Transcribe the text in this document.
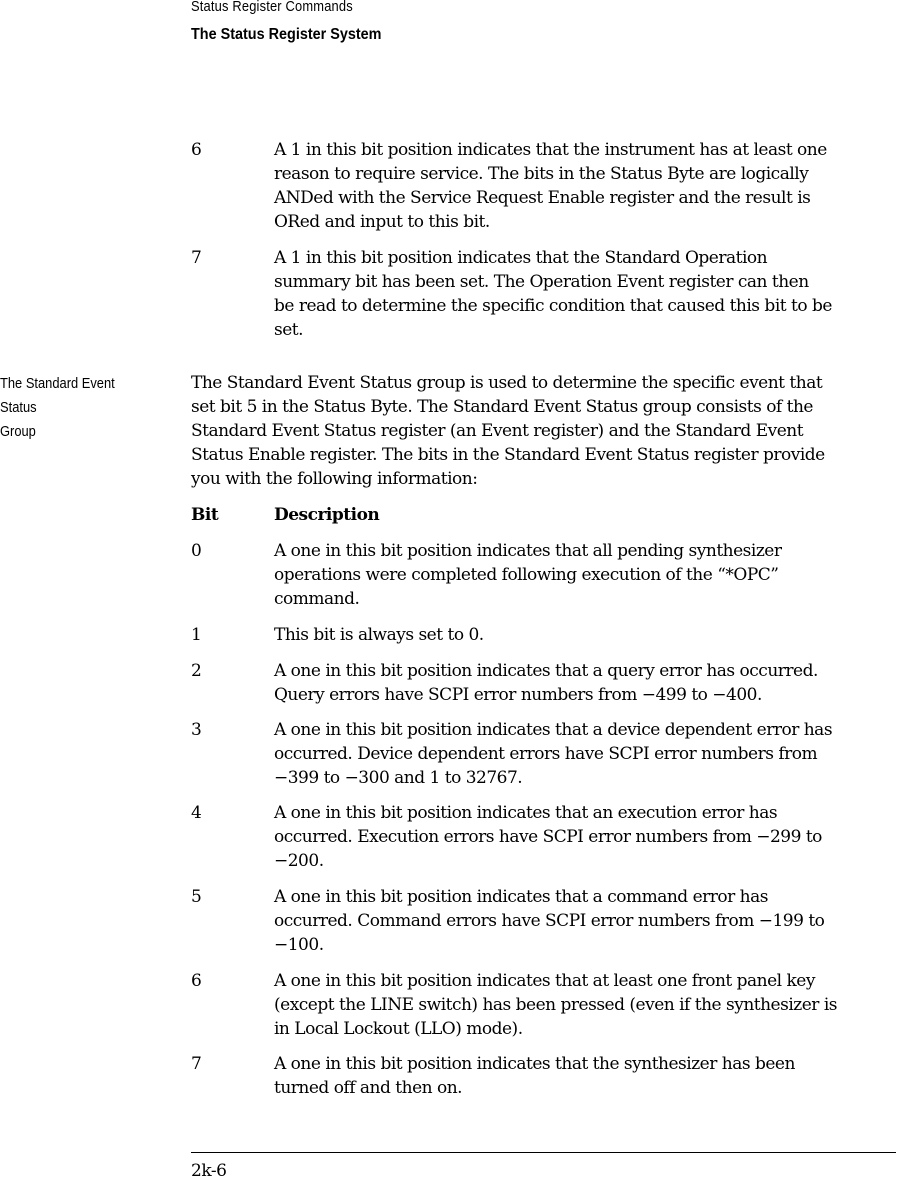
Status Register Commands
The Status Register System
6	A 1 in this bit position indicates that the instrument has at least one
reason to require service. The bits in the Status Byte are logically
ANDed with the Service Request Enable register and the result is
ORed and input to this bit.
7	A 1 in this bit position indicates that the Standard Operation
summary bit has been set. The Operation Event register can then
be read to determine the specific condition that caused this bit to be
set.
The Standard Event Status
Group
The Standard Event Status group is used to determine the specific event that
set bit 5 in the Status Byte. The Standard Event Status group consists of the
Standard Event Status register (an Event register) and the Standard Event
Status Enable register. The bits in the Standard Event Status register provide
you with the following information:
Bit	Description
0	A one in this bit position indicates that all pending synthesizer
operations were completed following execution of the “*OPC”
command.
1	This bit is always set to 0.
2	A one in this bit position indicates that a query error has occurred.
Query errors have SCPI error numbers from −499 to −400.
3	A one in this bit position indicates that a device dependent error has
occurred. Device dependent errors have SCPI error numbers from
−399 to −300 and 1 to 32767.
4	A one in this bit position indicates that an execution error has
occurred. Execution errors have SCPI error numbers from −299 to
−200.
5	A one in this bit position indicates that a command error has
occurred. Command errors have SCPI error numbers from −199 to
−100.
6	A one in this bit position indicates that at least one front panel key
(except the LINE switch) has been pressed (even if the synthesizer is
in Local Lockout (LLO) mode).
7	A one in this bit position indicates that the synthesizer has been
turned off and then on.
2k-6
